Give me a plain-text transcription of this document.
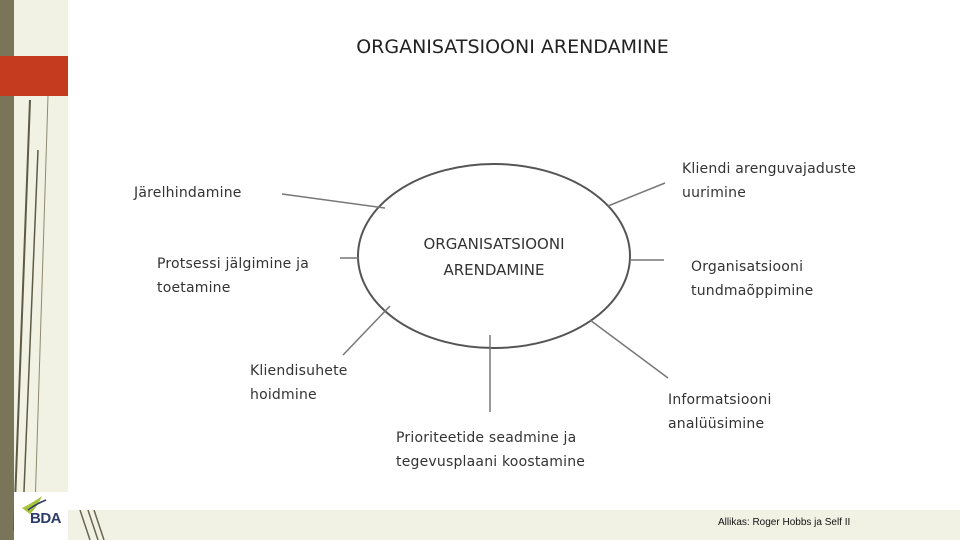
BDA
ORGANISATSIOONI ARENDAMINE
ORGANISATSIOONI
ARENDAMINE
Järelhindamine
Protsessi jälgimine ja
toetamine
Kliendisuhete
hoidmine
Prioriteetide seadmine ja
tegevusplaani koostamine
Informatsiooni
analüüsimine
Organisatsiooni
tundmaõppimine
Kliendi arenguvajaduste
uurimine
Allikas: Roger Hobbs ja Self II
